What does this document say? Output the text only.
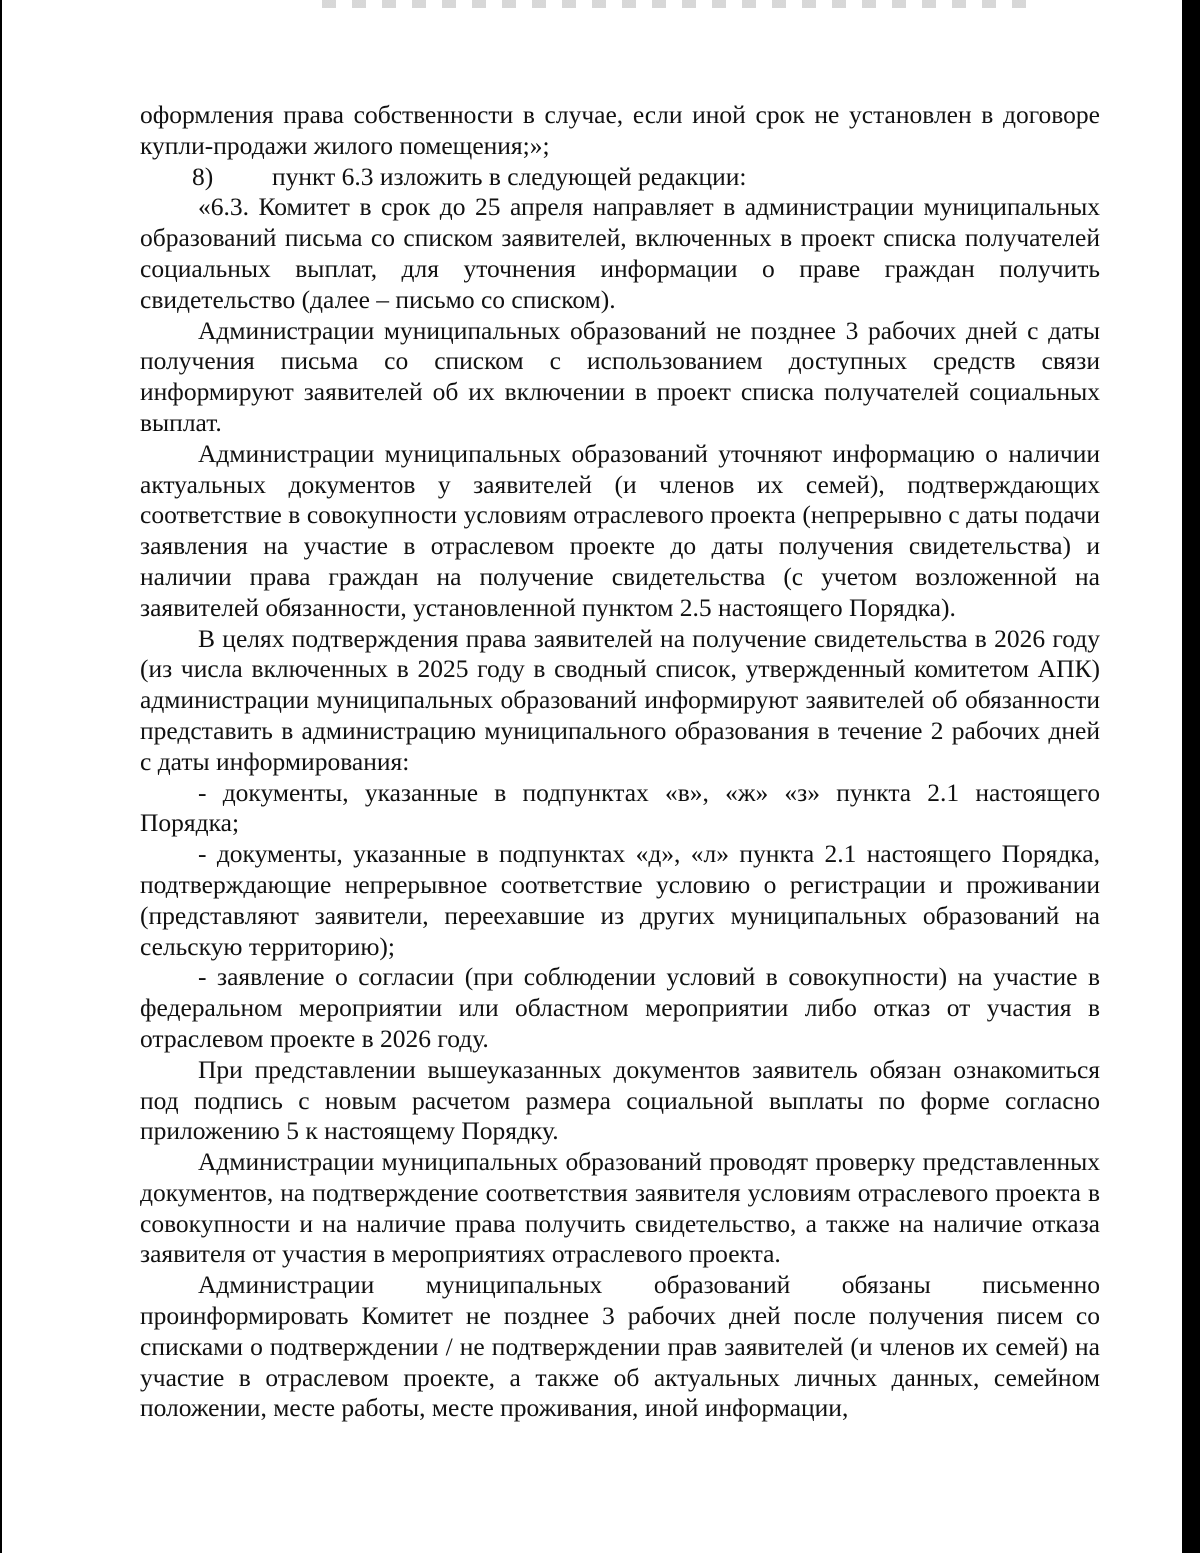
оформления права собственности в случае, если иной срок не установлен в договоре купли-продажи жилого помещения;»;

8)	пункт 6.3 изложить в следующей редакции:

«6.3. Комитет в срок до 25 апреля направляет в администрации муниципальных образований письма со списком заявителей, включенных в проект списка получателей социальных выплат, для уточнения информации о праве граждан получить свидетельство (далее – письмо со списком).

Администрации муниципальных образований не позднее 3 рабочих дней с даты получения письма со списком с использованием доступных средств связи информируют заявителей об их включении в проект списка получателей социальных выплат.

Администрации муниципальных образований уточняют информацию о наличии актуальных документов у заявителей (и членов их семей), подтверждающих соответствие в совокупности условиям отраслевого проекта (непрерывно с даты подачи заявления на участие в отраслевом проекте до даты получения свидетельства) и наличии права граждан на получение свидетельства (с учетом возложенной на заявителей обязанности, установленной пунктом 2.5 настоящего Порядка).

В целях подтверждения права заявителей на получение свидетельства в 2026 году (из числа включенных в 2025 году в сводный список, утвержденный комитетом АПК) администрации муниципальных образований информируют заявителей об обязанности представить в администрацию муниципального образования в течение 2 рабочих дней с даты информирования:

- документы, указанные в подпунктах «в», «ж» «з» пункта 2.1 настоящего Порядка;

- документы, указанные в подпунктах «д», «л» пункта 2.1 настоящего Порядка, подтверждающие непрерывное соответствие условию о регистрации и проживании (представляют заявители, переехавшие из других муниципальных образований на сельскую территорию);

- заявление о согласии (при соблюдении условий в совокупности) на участие в федеральном мероприятии или областном мероприятии либо отказ от участия в отраслевом проекте в 2026 году.

При представлении вышеуказанных документов заявитель обязан ознакомиться под подпись с новым расчетом размера социальной выплаты по форме согласно приложению 5 к настоящему Порядку.

Администрации муниципальных образований проводят проверку представленных документов, на подтверждение соответствия заявителя условиям отраслевого проекта в совокупности и на наличие права получить свидетельство, а также на наличие отказа заявителя от участия в мероприятиях отраслевого проекта.

Администрации муниципальных образований обязаны письменно проинформировать Комитет не позднее 3 рабочих дней после получения писем со списками о подтверждении / не подтверждении прав заявителей (и членов их семей) на участие в отраслевом проекте, а также об актуальных личных данных, семейном положении, месте работы, месте проживания, иной информации,
